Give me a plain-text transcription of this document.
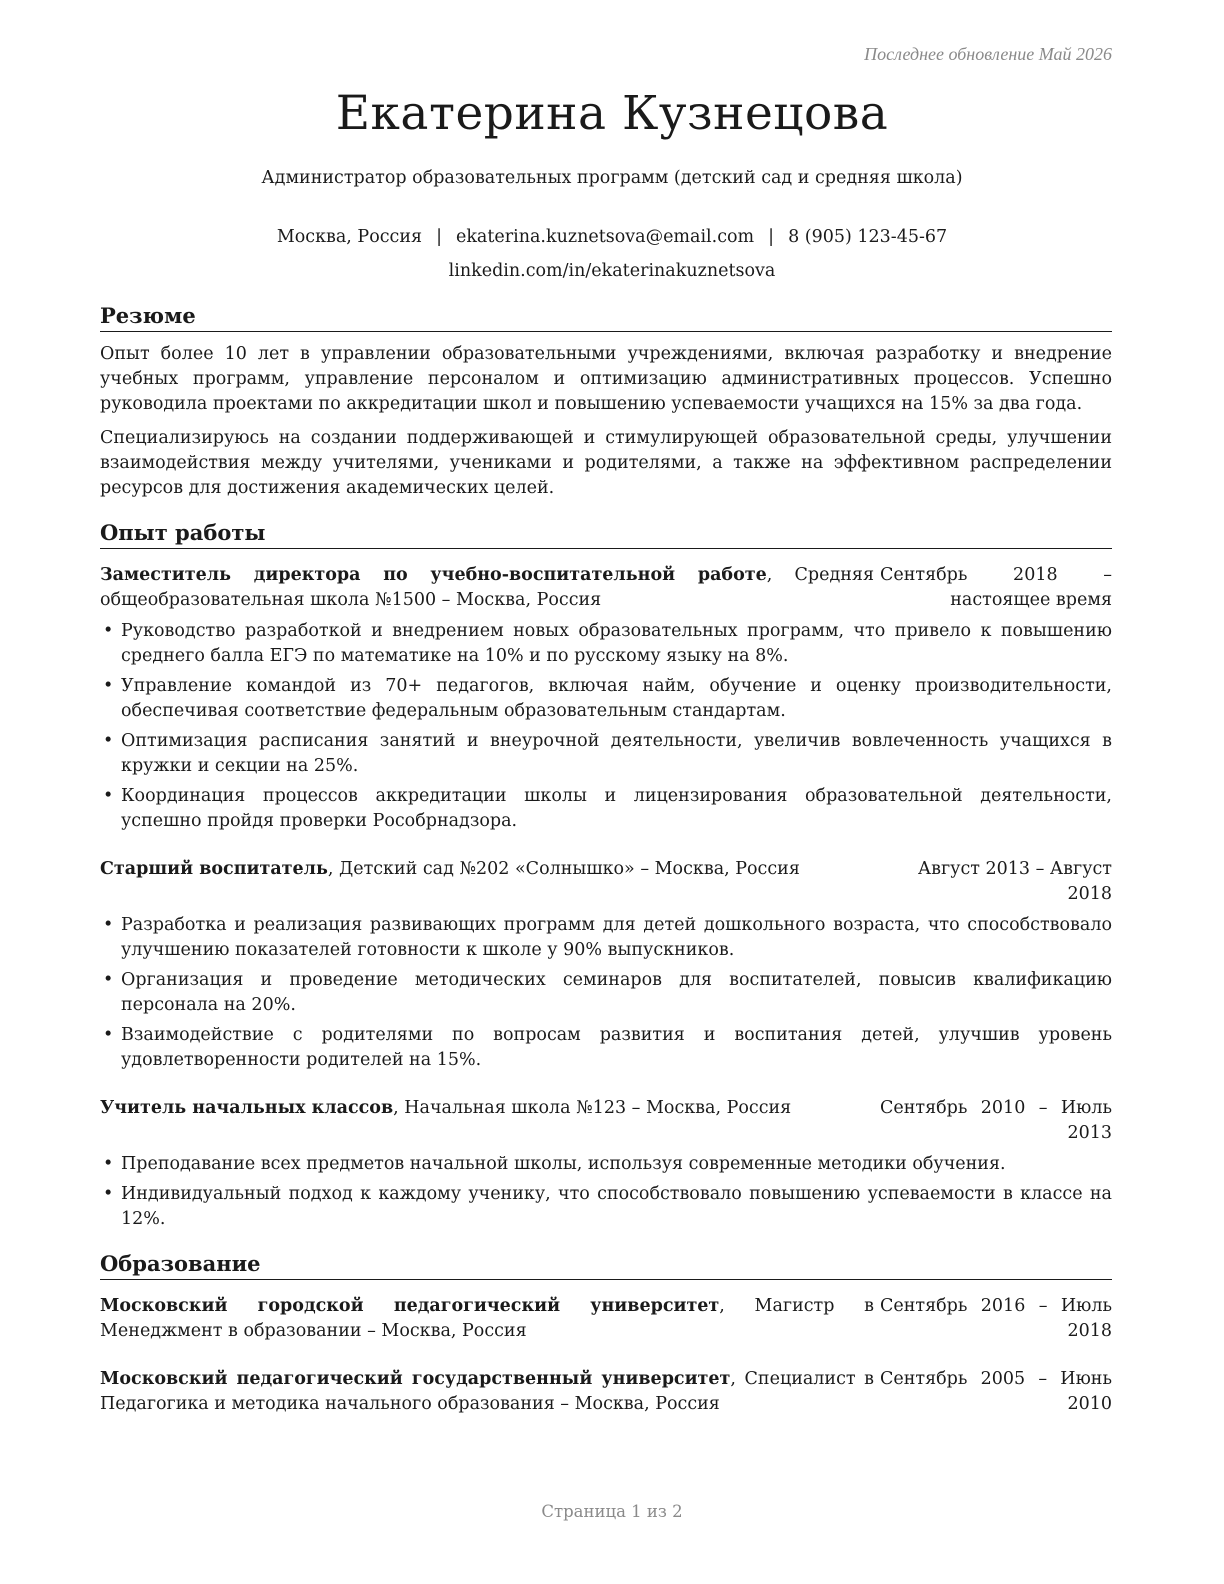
Последнее обновление Май 2026
Екатерина Кузнецова
Администратор образовательных программ (детский сад и средняя школа)
Москва, Россия | ekaterina.kuznetsova@email.com | 8 (905) 123-45-67
linkedin.com/in/ekaterinakuznetsova
Резюме

Опыт более 10 лет в управлении образовательными учреждениями, включая разработку и внедрение учебных программ, управление персоналом и оптимизацию административных процессов. Успешно руководила проектами по аккредитации школ и повышению успеваемости учащихся на 15% за два года.

Специализируюсь на создании поддерживающей и стимулирующей образовательной среды, улучшении взаимодействия между учителями, учениками и родителями, а также на эффективном распределении ресурсов для достижения академических целей.

Опыт работы
Заместитель директора по учебно-воспитательной работе, Средняя общеобразовательная школа №1500 – Москва, Россия
Сентябрь 2018 – настоящее время
• Руководство разработкой и внедрением новых образовательных программ, что привело к повышению среднего балла ЕГЭ по математике на 10% и по русскому языку на 8%.
• Управление командой из 70+ педагогов, включая найм, обучение и оценку производительности, обеспечивая соответствие федеральным образовательным стандартам.
• Оптимизация расписания занятий и внеурочной деятельности, увеличив вовлеченность учащихся в кружки и секции на 25%.
• Координация процессов аккредитации школы и лицензирования образовательной деятельности, успешно пройдя проверки Рособрнадзора.
Старший воспитатель, Детский сад №202 «Солнышко» – Москва, Россия	Август 2013 – Август 2018
• Разработка и реализация развивающих программ для детей дошкольного возраста, что способствовало улучшению показателей готовности к школе у 90% выпускников.
• Организация и проведение методических семинаров для воспитателей, повысив квалификацию персонала на 20%.
• Взаимодействие с родителями по вопросам развития и воспитания детей, улучшив уровень удовлетворенности родителей на 15%.
Учитель начальных классов, Начальная школа №123 – Москва, Россия	Сентябрь 2010 – Июль 2013
• Преподавание всех предметов начальной школы, используя современные методики обучения.
• Индивидуальный подход к каждому ученику, что способствовало повышению успеваемости в классе на 12%.
Образование
Московский городской педагогический университет, Магистр в Менеджмент в образовании – Москва, Россия
Сентябрь 2016 – Июль 2018
Московский педагогический государственный университет, Специалист в Педагогика и методика начального образования – Москва, Россия
Сентябрь 2005 – Июнь 2010
Страница 1 из 2
